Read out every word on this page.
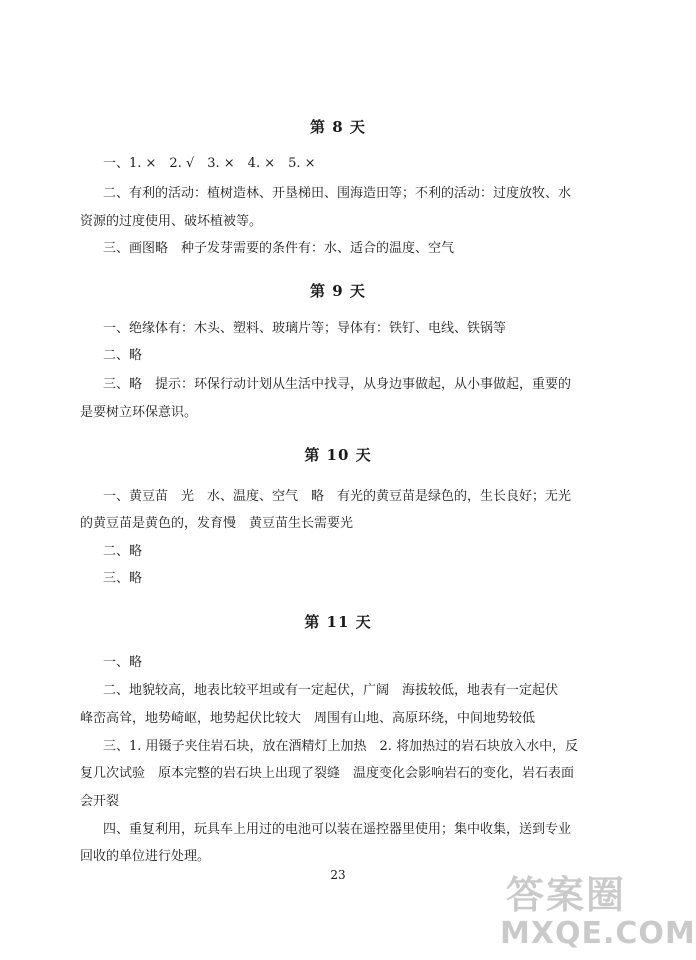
第 8 天
一、1. ×　2. √　3. ×　4. ×　5. ×
二、有利的活动：植树造林、开垦梯田、围海造田等；不利的活动：过度放牧、水
资源的过度使用、破坏植被等。
三、画图略　种子发芽需要的条件有：水、适合的温度、空气
第 9 天
一、绝缘体有：木头、塑料、玻璃片等；导体有：铁钉、电线、铁锅等
二、略
三、略　提示：环保行动计划从生活中找寻，从身边事做起，从小事做起，重要的
是要树立环保意识。
第 10 天
一、黄豆苗　光　水、温度、空气　略　有光的黄豆苗是绿色的，生长良好；无光
的黄豆苗是黄色的，发育慢　黄豆苗生长需要光
二、略
三、略
第 11 天
一、略
二、地貌较高，地表比较平坦或有一定起伏，广阔　海拔较低，地表有一定起伏
峰峦高耸，地势崎岖，地势起伏比较大　周围有山地、高原环绕，中间地势较低
三、1. 用镊子夹住岩石块，放在酒精灯上加热　2. 将加热过的岩石块放入水中，反
复几次试验　原本完整的岩石块上出现了裂缝　温度变化会影响岩石的变化，岩石表面
会开裂
四、重复利用，玩具车上用过的电池可以装在遥控器里使用；集中收集，送到专业
回收的单位进行处理。
23	答案圈
MXQE.COM
